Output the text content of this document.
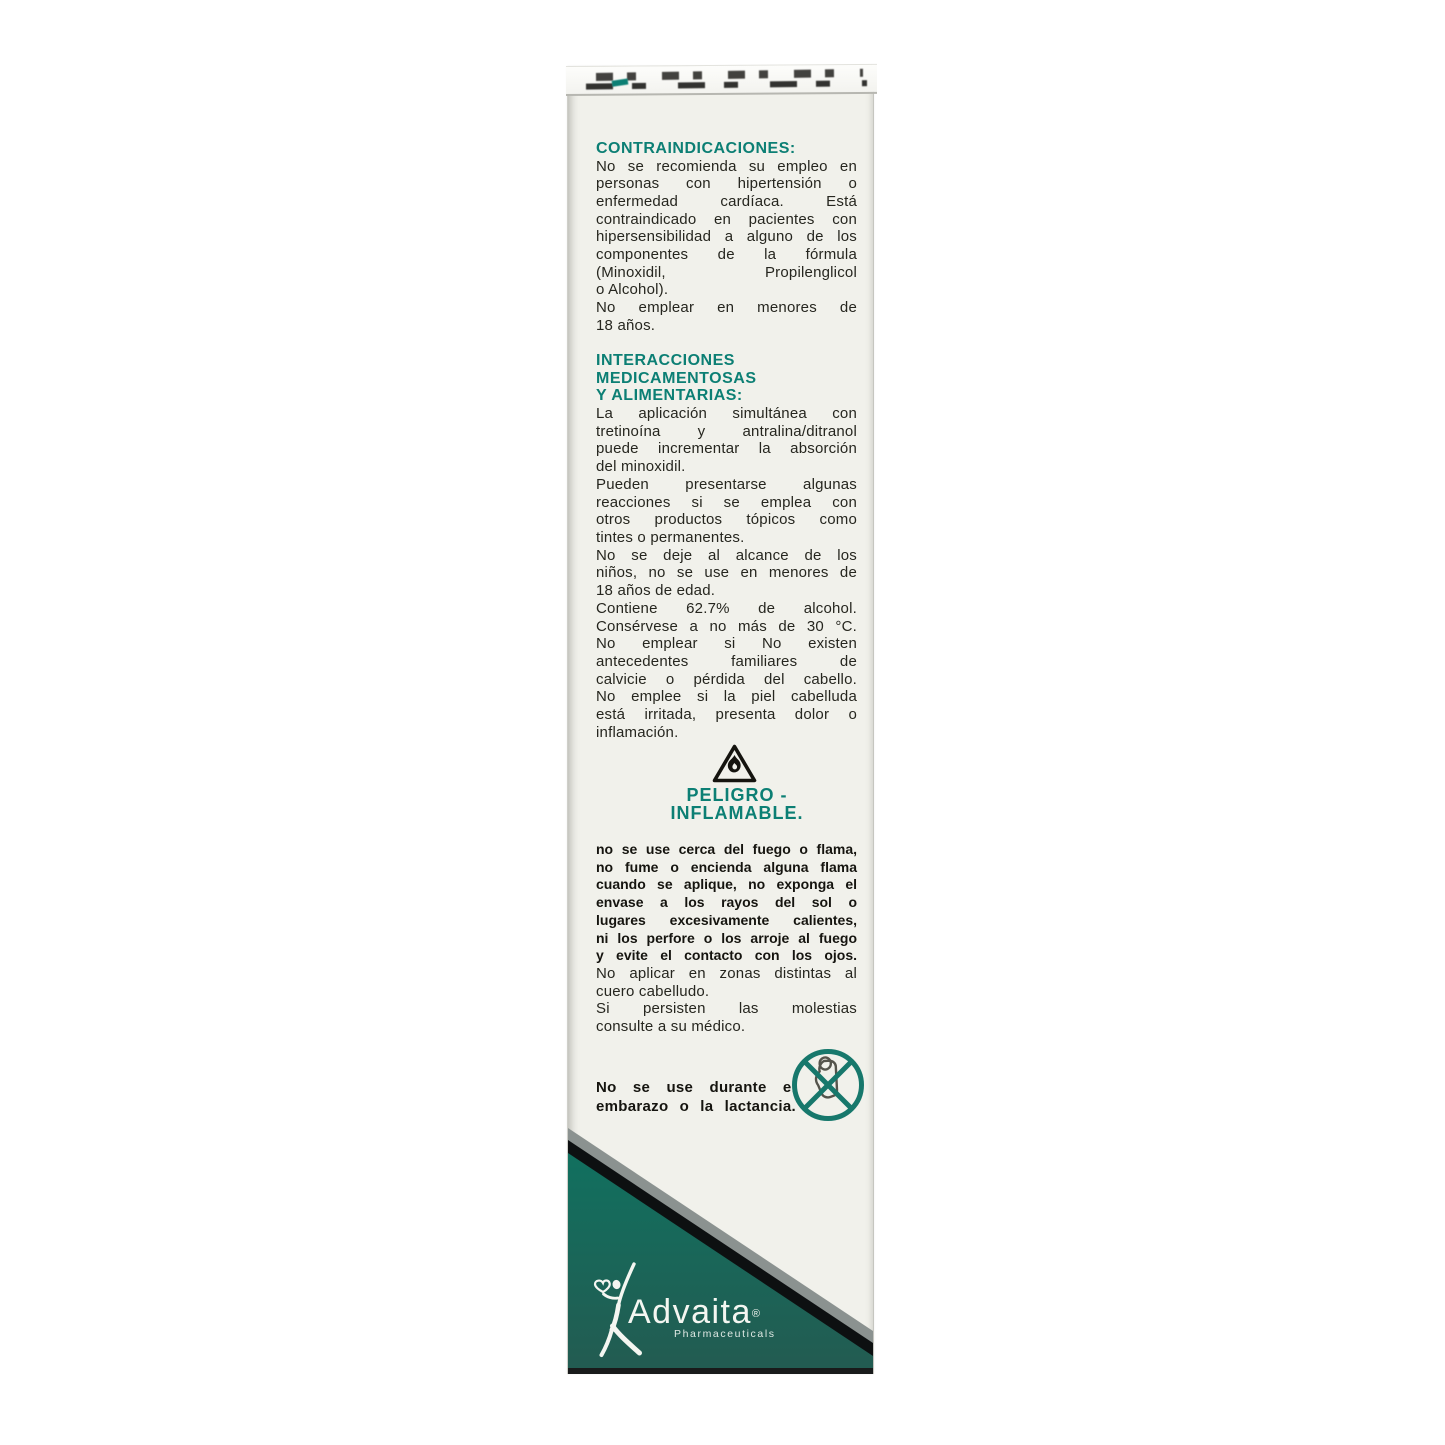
CONTRAINDICACIONES:
No se recomienda su empleo en
personas con hipertensión o
enfermedad cardíaca. Está
contraindicado en pacientes con
hipersensibilidad a alguno de los
componentes de la fórmula
(Minoxidil, Propilenglicol
o Alcohol).
No emplear en menores de
18 años.
INTERACCIONES
MEDICAMENTOSAS
Y ALIMENTARIAS:
La aplicación simultánea con
tretinoína y antralina/ditranol
puede incrementar la absorción
del minoxidil.
Pueden presentarse algunas
reacciones si se emplea con
otros productos tópicos como
tintes o permanentes.
No se deje al alcance de los
niños, no se use en menores de
18 años de edad.
Contiene 62.7% de alcohol.
Consérvese a no más de 30 °C.
No emplear si No existen
antecedentes familiares de
calvicie o pérdida del cabello.
No emplee si la piel cabelluda
está irritada, presenta dolor o
inflamación.
PELIGRO -
INFLAMABLE.
no se use cerca del fuego o flama,
no fume o encienda alguna flama
cuando se aplique, no exponga el
envase a los rayos del sol o
lugares excesivamente calientes,
ni los perfore o los arroje al fuego
y evite el contacto con los ojos.
No aplicar en zonas distintas al
cuero cabelludo.
Si persisten las molestias
consulte a su médico.
No se use durante el
embarazo o la lactancia.
Advaita®
Pharmaceuticals
